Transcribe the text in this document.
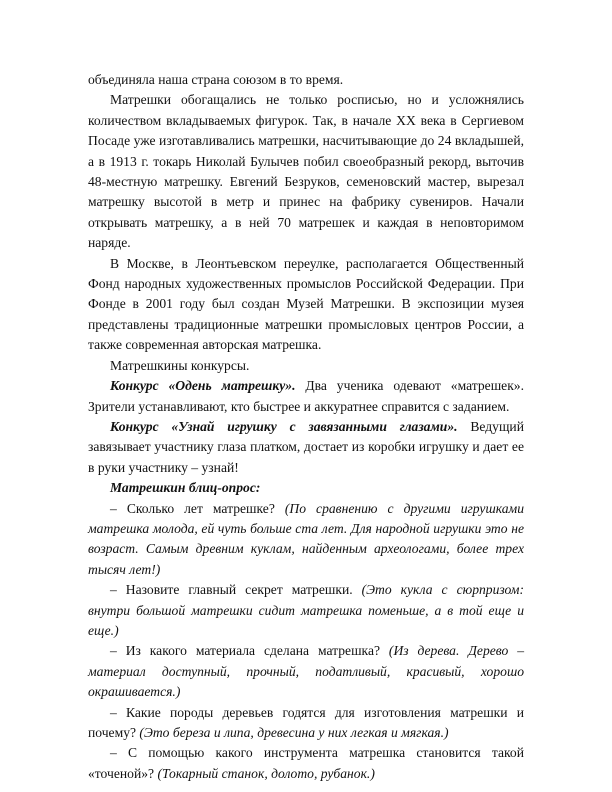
объединяла наша страна союзом в то время.

Матрешки обогащались не только росписью, но и усложнялись количеством вкладываемых фигурок. Так, в начале XX века в Сергиевом Посаде уже изготавливались матрешки, насчитывающие до 24 вкладышей, а в 1913 г. токарь Николай Булычев побил своеобразный рекорд, выточив 48-местную матрешку. Евгений Безруков, семеновский мастер, вырезал матрешку высотой в метр и принес на фабрику сувениров. Начали открывать матрешку, а в ней 70 матрешек и каждая в неповторимом наряде.

В Москве, в Леонтьевском переулке, располагается Общественный Фонд народных художественных промыслов Российской Федерации. При Фонде в 2001 году был создан Музей Матрешки. В экспозиции музея представлены традиционные матрешки промысловых центров России, а также современная авторская матрешка.

Матрешкины конкурсы.

Конкурс «Одень матрешку». Два ученика одевают «матрешек». Зрители устанавливают, кто быстрее и аккуратнее справится с заданием.

Конкурс «Узнай игрушку с завязанными глазами». Ведущий завязывает участнику глаза платком, достает из коробки игрушку и дает ее в руки участнику – узнай!

Матрешкин блиц-опрос:

– Сколько лет матрешке? (По сравнению с другими игрушками матрешка молода, ей чуть больше ста лет. Для народной игрушки это не возраст. Самым древним куклам, найденным археологами, более трех тысяч лет!)

– Назовите главный секрет матрешки. (Это кукла с сюрпризом: внутри большой матрешки сидит матрешка поменьше, а в той еще и еще.)

– Из какого материала сделана матрешка? (Из дерева. Дерево – материал доступный, прочный, податливый, красивый, хорошо окрашивается.)

– Какие породы деревьев годятся для изготовления матрешки и почему? (Это береза и липа, древесина у них легкая и мягкая.)

– С помощью какого инструмента матрешка становится такой «точеной»? (Токарный станок, долото, рубанок.)
